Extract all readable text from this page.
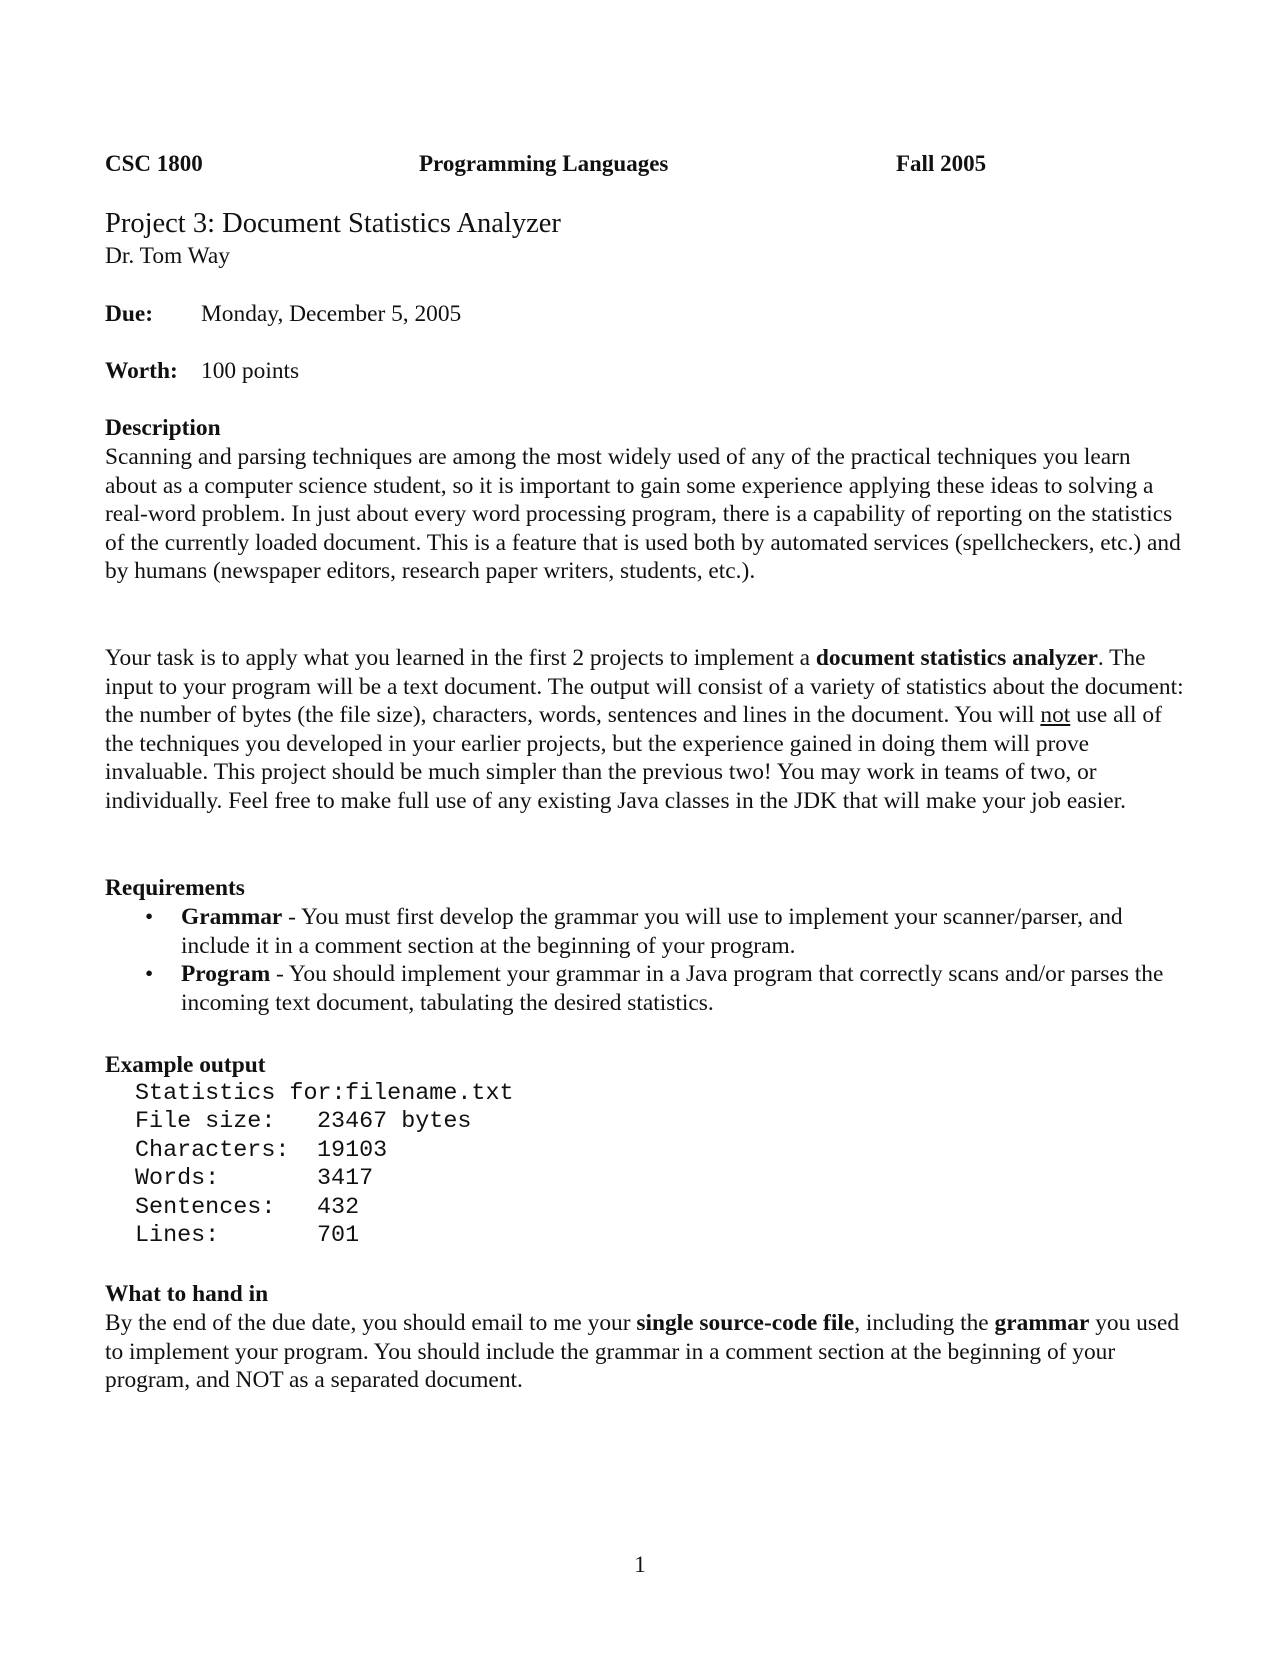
CSC 1800	Programming Languages	Fall 2005
Project 3: Document Statistics Analyzer
Dr. Tom Way
Due: Monday, December 5, 2005
Worth: 100 points
Description

Scanning and parsing techniques are among the most widely used of any of the practical techniques you learn about as a computer science student, so it is important to gain some experience applying these ideas to solving a real-word problem. In just about every word processing program, there is a capability of reporting on the statistics of the currently loaded document. This is a feature that is used both by automated services (spellcheckers, etc.) and by humans (newspaper editors, research paper writers, students, etc.).

Your task is to apply what you learned in the first 2 projects to implement a document statistics analyzer. The input to your program will be a text document. The output will consist of a variety of statistics about the document: the number of bytes (the file size), characters, words, sentences and lines in the document. You will not use all of the techniques you developed in your earlier projects, but the experience gained in doing them will prove invaluable. This project should be much simpler than the previous two! You may work in teams of two, or individually. Feel free to make full use of any existing Java classes in the JDK that will make your job easier.

Requirements
• Grammar - You must first develop the grammar you will use to implement your scanner/parser, and include it in a comment section at the beginning of your program.
• Program - You should implement your grammar in a Java program that correctly scans and/or parses the incoming text document, tabulating the desired statistics.
Example output
Statistics for:  filename.txt
File size: 23467 bytes
Characters: 19103
Words:	3417
Sentences: 432
Lines:	701
What to hand in

By the end of the due date, you should email to me your single source-code file, including the grammar you used to implement your program. You should include the grammar in a comment section at the beginning of your program, and NOT as a separated document.

1
